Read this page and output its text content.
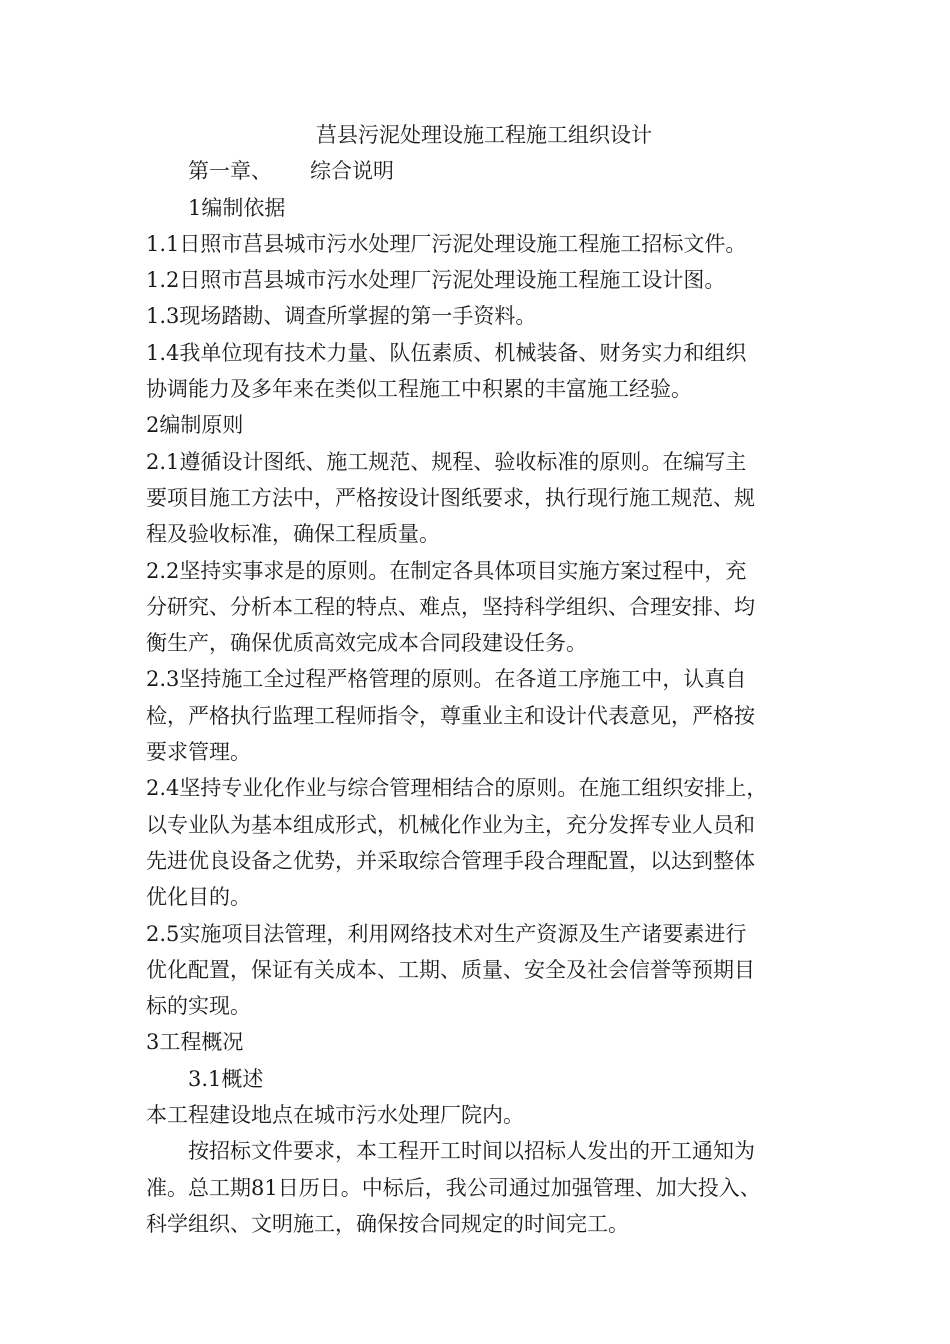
莒县污泥处理设施工程施工组织设计
第一章、 综合说明
1编制依据
1.1日照市莒县城市污水处理厂污泥处理设施工程施工招标文件。
1.2日照市莒县城市污水处理厂污泥处理设施工程施工设计图。
1.3现场踏勘、调查所掌握的第一手资料。
1.4我单位现有技术力量、队伍素质、机械装备、财务实力和组织
协调能力及多年来在类似工程施工中积累的丰富施工经验。
2编制原则
2.1遵循设计图纸、施工规范、规程、验收标准的原则。在编写主
要项目施工方法中，严格按设计图纸要求，执行现行施工规范、规
程及验收标准，确保工程质量。
2.2坚持实事求是的原则。在制定各具体项目实施方案过程中，充
分研究、分析本工程的特点、难点，坚持科学组织、合理安排、均
衡生产，确保优质高效完成本合同段建设任务。
2.3坚持施工全过程严格管理的原则。在各道工序施工中，认真自
检，严格执行监理工程师指令，尊重业主和设计代表意见，严格按
要求管理。
2.4坚持专业化作业与综合管理相结合的原则。在施工组织安排上，
以专业队为基本组成形式，机械化作业为主，充分发挥专业人员和
先进优良设备之优势，并采取综合管理手段合理配置，以达到整体
优化目的。
2.5实施项目法管理，利用网络技术对生产资源及生产诸要素进行
优化配置，保证有关成本、工期、质量、安全及社会信誉等预期目
标的实现。
3工程概况
3.1概述
本工程建设地点在城市污水处理厂院内。
按招标文件要求，本工程开工时间以招标人发出的开工通知为
准。总工期81日历日。中标后，我公司通过加强管理、加大投入、
科学组织、文明施工，确保按合同规定的时间完工。
